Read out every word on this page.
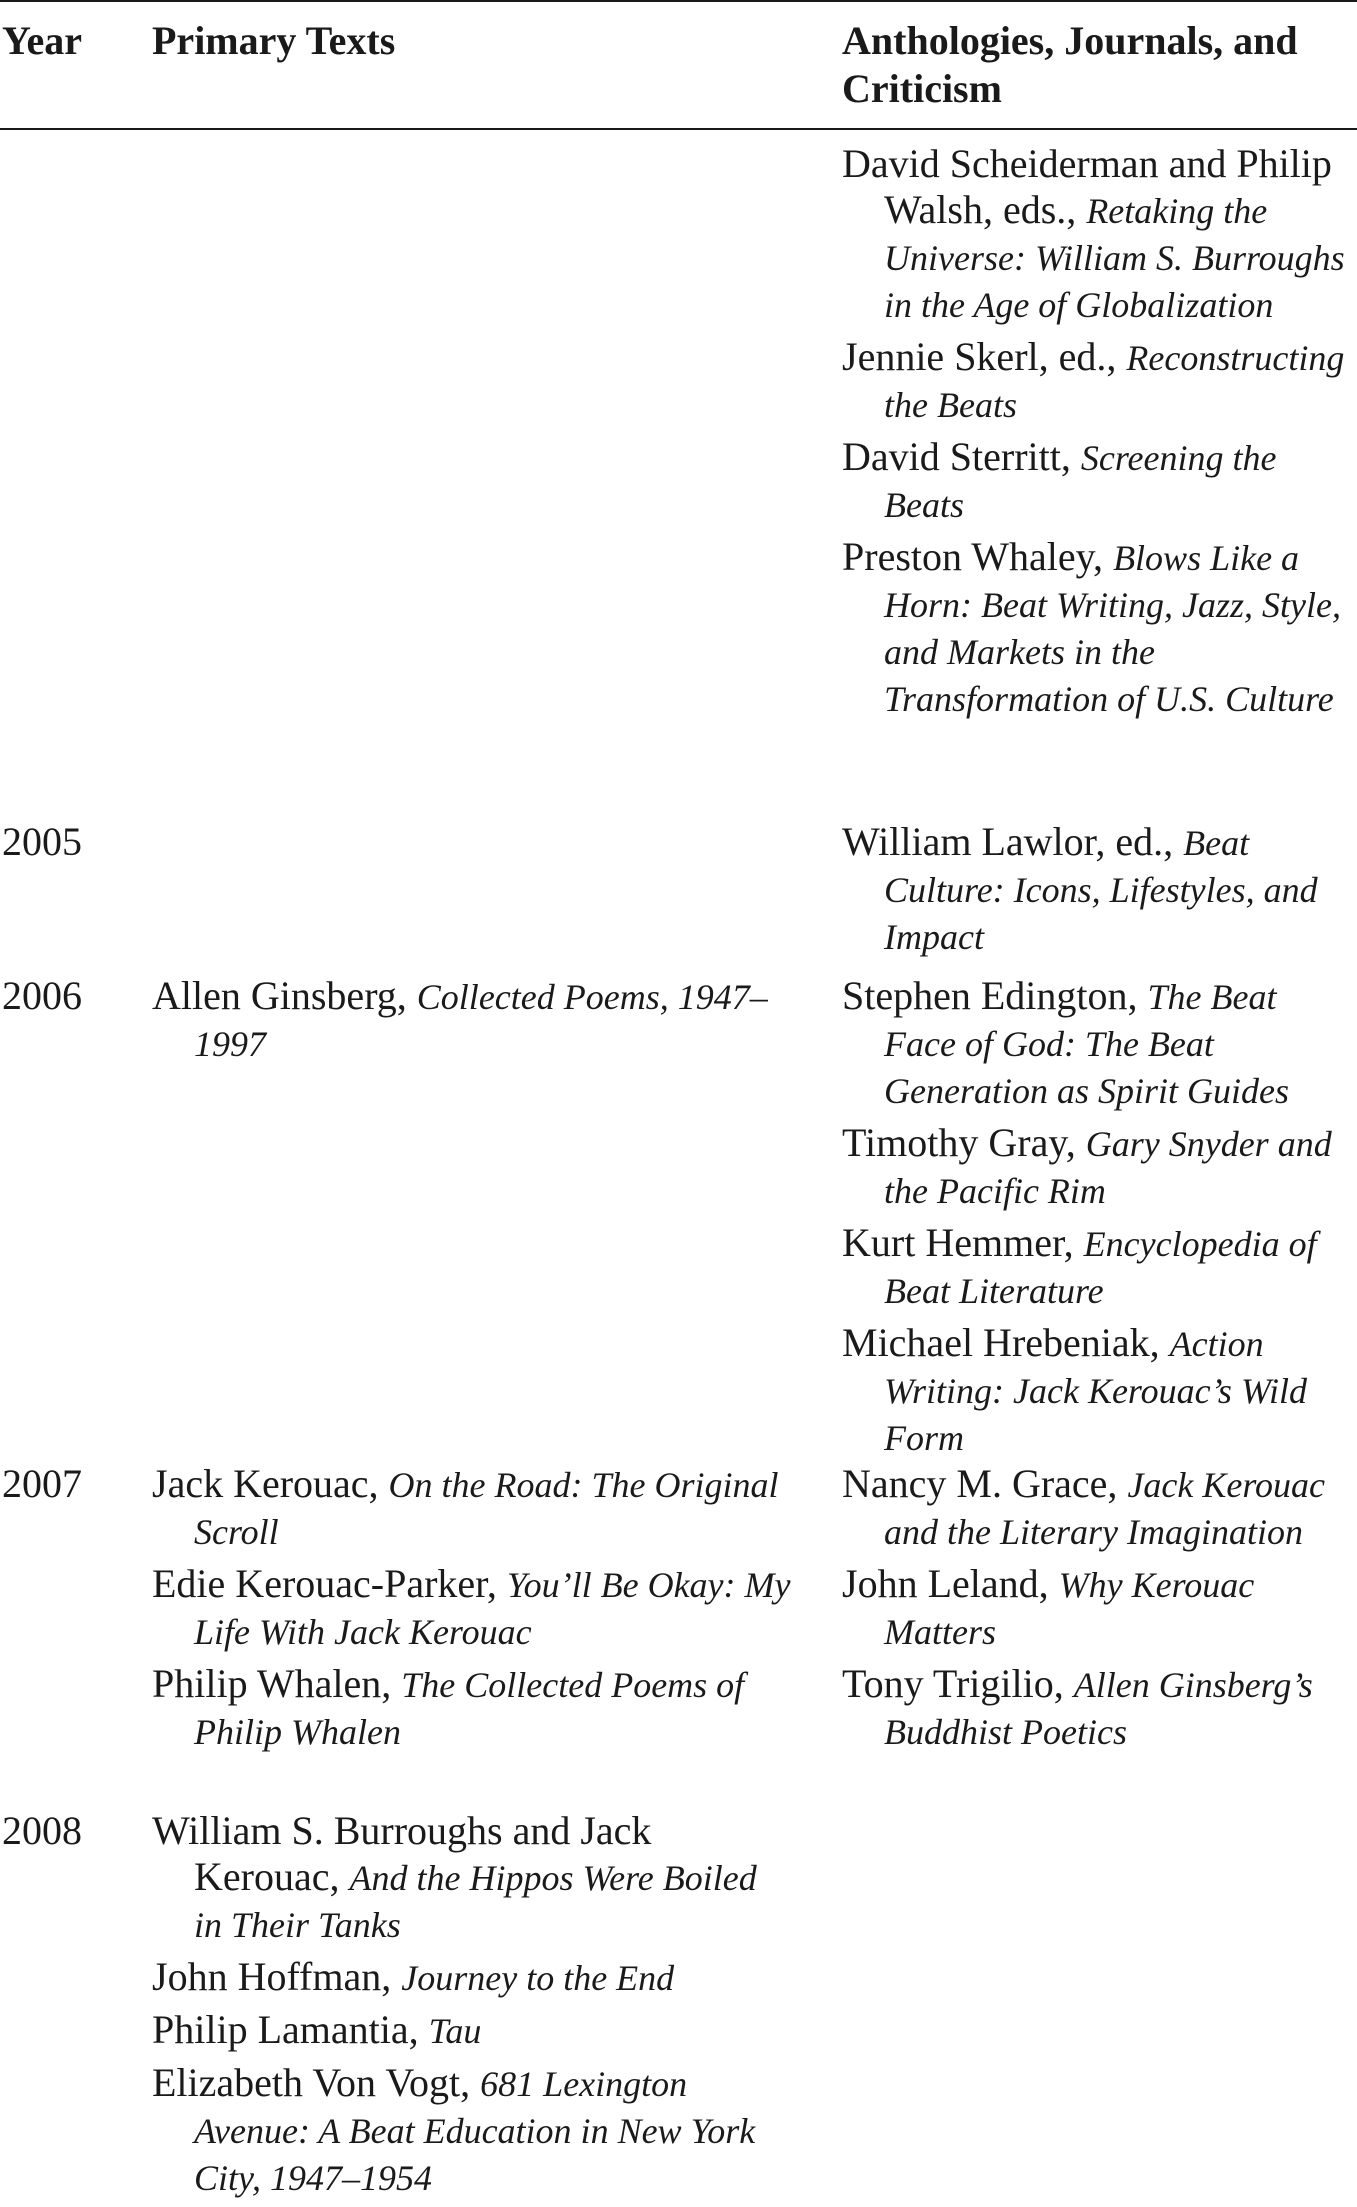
Year Primary Texts	Anthologies, Journals, and Criticism

David Scheiderman and Philip Walsh, eds., Retaking the Universe: William S. Burroughs in the Age of Globalization

Jennie Skerl, ed., Reconstructing the Beats

David Sterritt, Screening the Beats

Preston Whaley, Blows Like a Horn: Beat Writing, Jazz, Style, and Markets in the Transformation of U.S. Culture

2005	William Lawlor, ed., Beat Culture: Icons, Lifestyles, and Impact

2006 Allen Ginsberg, Collected Poems, 1947–1997

Stephen Edington, The Beat Face of God: The Beat Generation as Spirit Guides

Timothy Gray, Gary Snyder and the Pacific Rim

Kurt Hemmer, Encyclopedia of Beat Literature

Michael Hrebeniak, Action Writing: Jack Kerouac’s Wild Form

2007 Jack Kerouac, On the Road: The Original Scroll

Edie Kerouac-Parker, You’ll Be Okay: My Life With Jack Kerouac

Philip Whalen, The Collected Poems of Philip Whalen

Nancy M. Grace, Jack Kerouac and the Literary Imagination

John Leland, Why Kerouac Matters

Tony Trigilio, Allen Ginsberg’s Buddhist Poetics

2008 William S. Burroughs and Jack Kerouac, And the Hippos Were Boiled in Their Tanks

John Hoffman, Journey to the End

Philip Lamantia, Tau

Elizabeth Von Vogt, 681 Lexington Avenue: A Beat Education in New York City, 1947–1954
